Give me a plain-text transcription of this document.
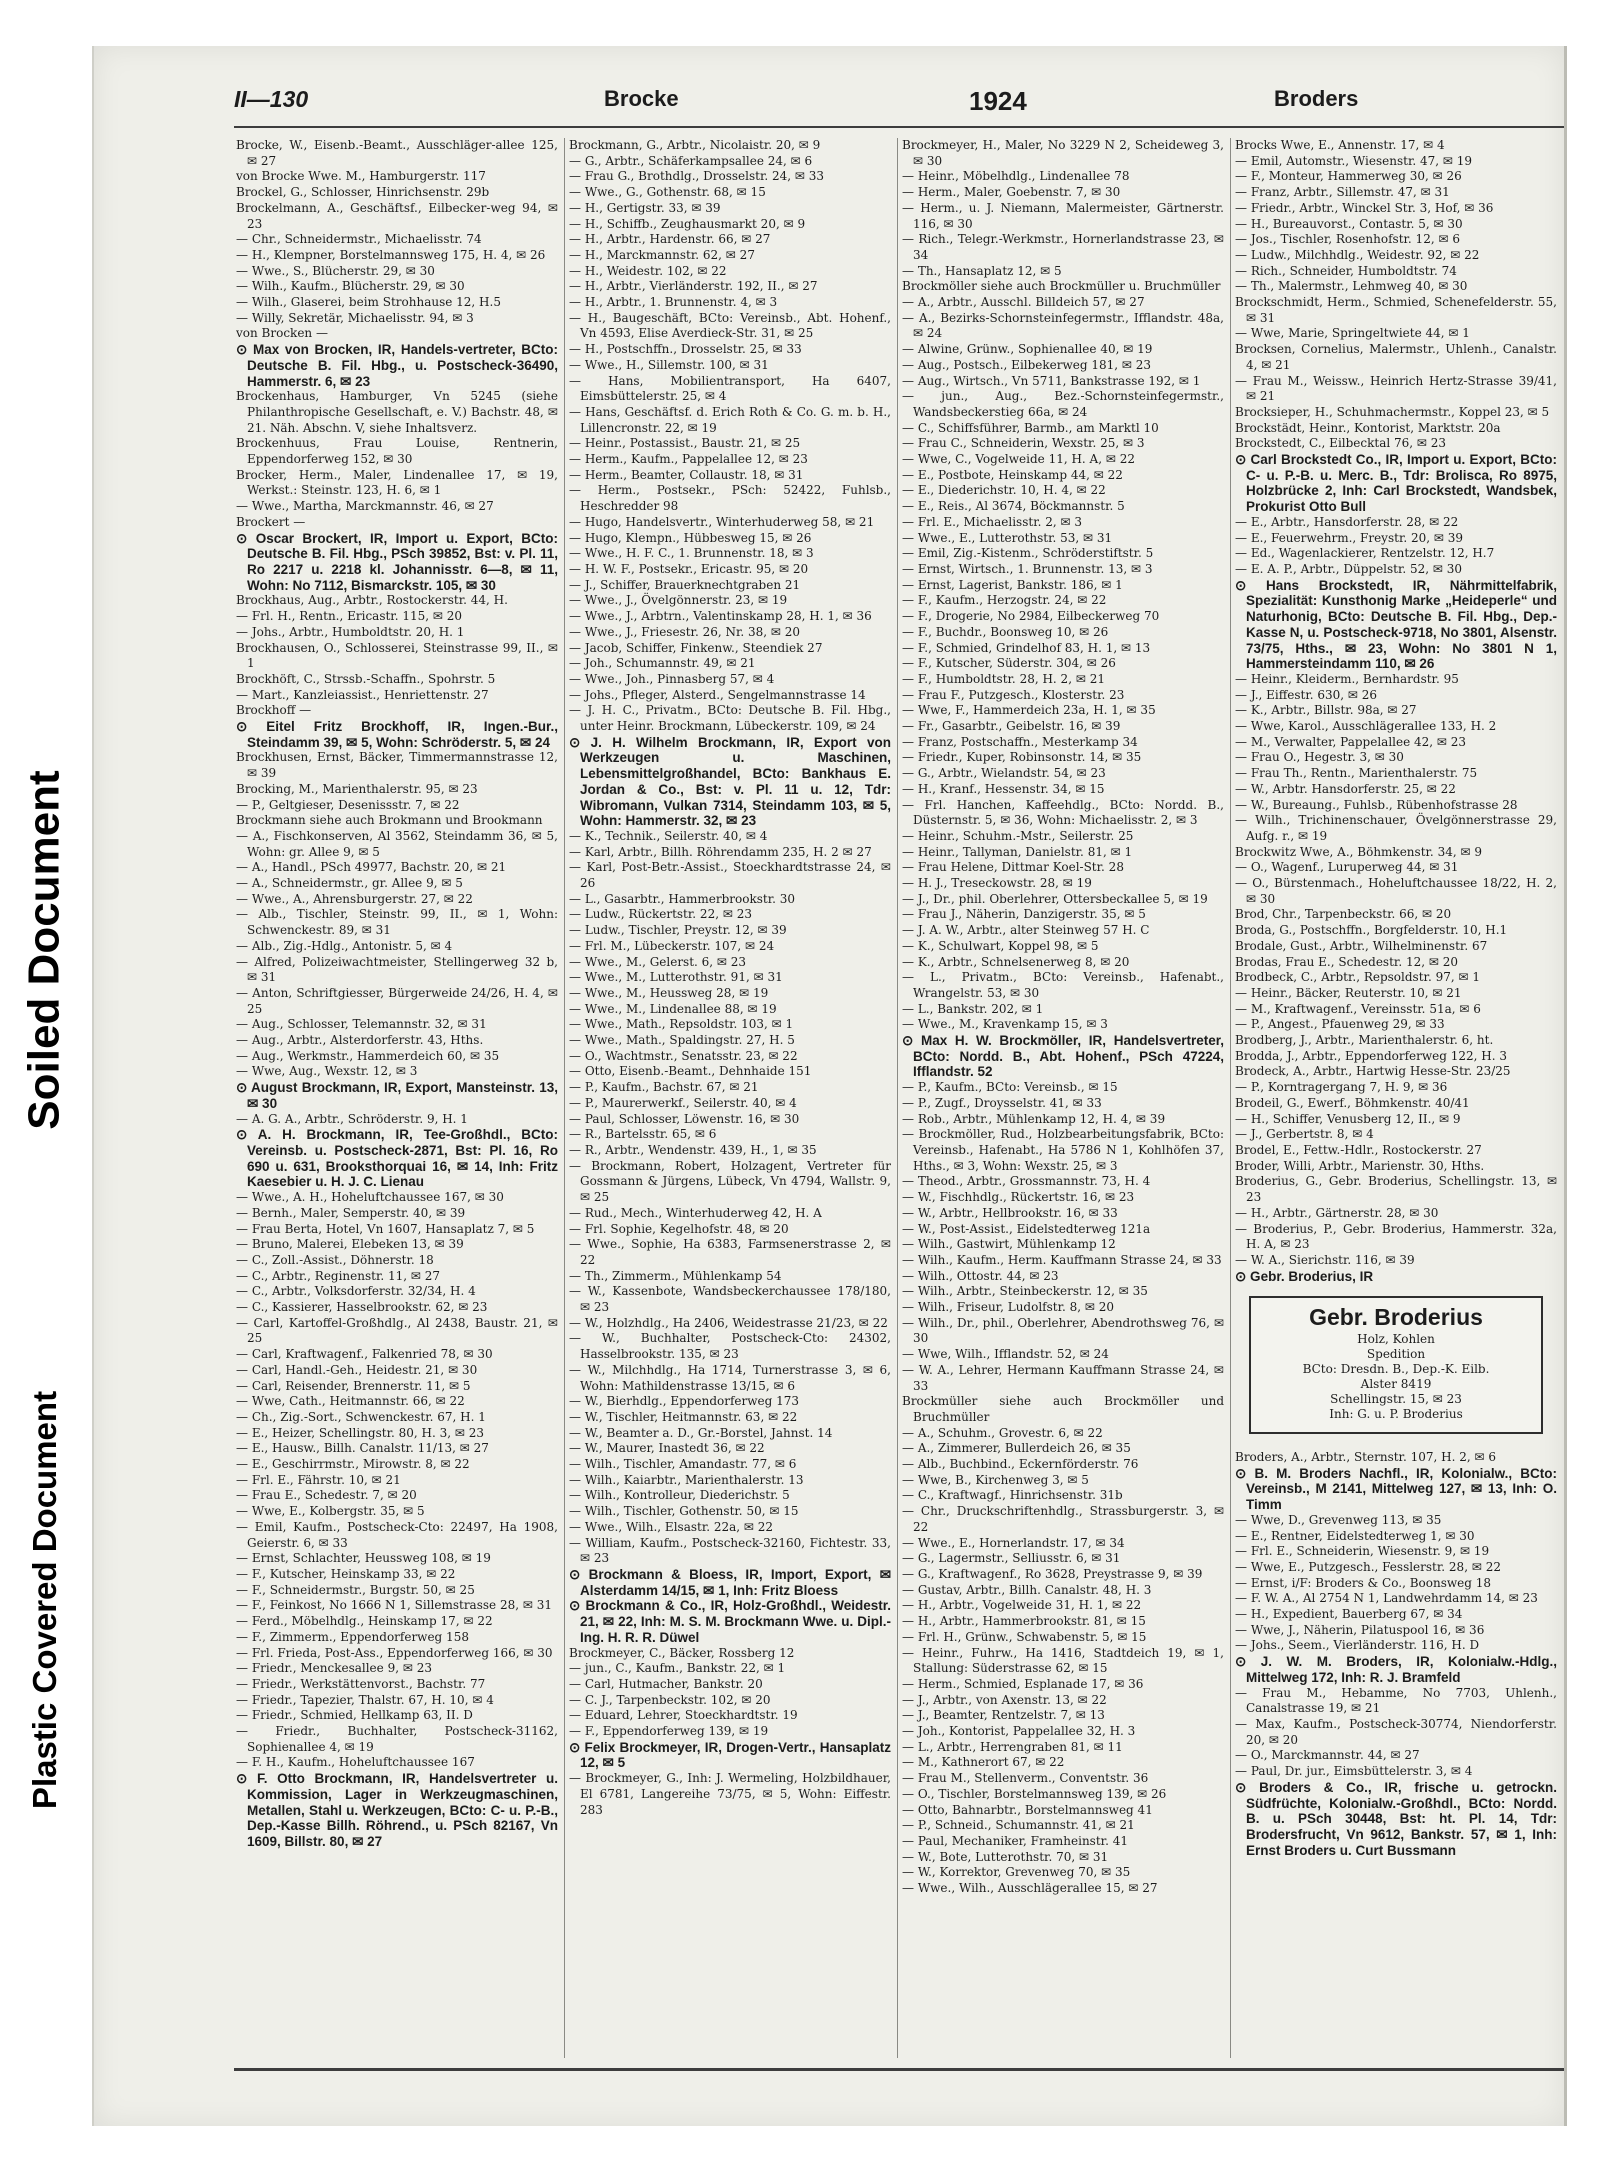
Soiled Document
Plastic Covered Document
II—130	Brocke	1924	Broders

Brocke, W., Eisenb.-Beamt., Ausschläger-allee 125, ✉ 27

von Brocke Wwe. M., Hamburgerstr. 117

Brockel, G., Schlosser, Hinrichsenstr. 29b

Brockelmann, A., Geschäftsf., Eilbecker-weg 94, ✉ 23

— Chr., Schneidermstr., Michaelisstr. 74

— H., Klempner, Borstelmannsweg 175, H. 4, ✉ 26

— Wwe., S., Blücherstr. 29, ✉ 30

— Wilh., Kaufm., Blücherstr. 29, ✉ 30

— Wilh., Glaserei, beim Strohhause 12, H.5

— Willy, Sekretär, Michaelisstr. 94, ✉ 3

von Brocken —

⊙ Max von Brocken, IR, Handels-vertreter, BCto: Deutsche B. Fil. Hbg., u. Postscheck-36490, Hammerstr. 6, ✉ 23

Brockenhaus, Hamburger, Vn 5245 (siehe Philanthropische Gesellschaft, e. V.) Bachstr. 48, ✉ 21. Näh. Abschn. V, siehe Inhaltsverz.

Brockenhuus, Frau Louise, Rentnerin, Eppendorferweg 152, ✉ 30

Brocker, Herm., Maler, Lindenallee 17, ✉ 19, Werkst.: Steinstr. 123, H. 6, ✉ 1

— Wwe., Martha, Marckmannstr. 46, ✉ 27

Brockert —

⊙ Oscar Brockert, IR, Import u. Export, BCto: Deutsche B. Fil. Hbg., PSch 39852, Bst: v. Pl. 11, Ro 2217 u. 2218 kl. Johannisstr. 6—8, ✉ 11, Wohn: No 7112, Bismarckstr. 105, ✉ 30

Brockhaus, Aug., Arbtr., Rostockerstr. 44, H.

— Frl. H., Rentn., Ericastr. 115, ✉ 20

— Johs., Arbtr., Humboldtstr. 20, H. 1

Brockhausen, O., Schlosserei, Steinstrasse 99, II., ✉ 1

Brockhöft, C., Strssb.-Schaffn., Spohrstr. 5

— Mart., Kanzleiassist., Henriettenstr. 27

Brockhoff —

⊙ Eitel Fritz Brockhoff, IR, Ingen.-Bur., Steindamm 39, ✉ 5, Wohn: Schröderstr. 5, ✉ 24

Brockhusen, Ernst, Bäcker, Timmermannstrasse 12, ✉ 39

Brocking, M., Marienthalerstr. 95, ✉ 23

— P., Geltgieser, Desenissstr. 7, ✉ 22

Brockmann siehe auch Brokmann und Brookmann

— A., Fischkonserven, Al 3562, Steindamm 36, ✉ 5, Wohn: gr. Allee 9, ✉ 5

— A., Handl., PSch 49977, Bachstr. 20, ✉ 21

— A., Schneidermstr., gr. Allee 9, ✉ 5

— Wwe., A., Ahrensburgerstr. 27, ✉ 22

— Alb., Tischler, Steinstr. 99, II., ✉ 1, Wohn: Schwenckestr. 89, ✉ 31

— Alb., Zig.-Hdlg., Antonistr. 5, ✉ 4

— Alfred, Polizeiwachtmeister, Stellingerweg 32 b, ✉ 31

— Anton, Schriftgiesser, Bürgerweide 24/26, H. 4, ✉ 25

— Aug., Schlosser, Telemannstr. 32, ✉ 31

— Aug., Arbtr., Alsterdorferstr. 43, Hths.

— Aug., Werkmstr., Hammerdeich 60, ✉ 35

— Wwe, Aug., Wexstr. 12, ✉ 3

⊙ August Brockmann, IR, Export, Mansteinstr. 13, ✉ 30

— A. G. A., Arbtr., Schröderstr. 9, H. 1

⊙ A. H. Brockmann, IR, Tee-Großhdl., BCto: Vereinsb. u. Postscheck-2871, Bst: Pl. 16, Ro 690 u. 631, Brooksthorquai 16, ✉ 14, Inh: Fritz Kaesebier u. H. J. C. Lienau

— Wwe., A. H., Hoheluftchaussee 167, ✉ 30

— Bernh., Maler, Semperstr. 40, ✉ 39

— Frau Berta, Hotel, Vn 1607, Hansaplatz 7, ✉ 5

— Bruno, Malerei, Elebeken 13, ✉ 39

— C., Zoll.-Assist., Döhnerstr. 18

— C., Arbtr., Reginenstr. 11, ✉ 27

— C., Arbtr., Volksdorferstr. 32/34, H. 4

— C., Kassierer, Hasselbrookstr. 62, ✉ 23

— Carl, Kartoffel-Großhdlg., Al 2438, Baustr. 21, ✉ 25

— Carl, Kraftwagenf., Falkenried 78, ✉ 30

— Carl, Handl.-Geh., Heidestr. 21, ✉ 30

— Carl, Reisender, Brennerstr. 11, ✉ 5

— Wwe, Cath., Heitmannstr. 66, ✉ 22

— Ch., Zig.-Sort., Schwenckestr. 67, H. 1

— E., Heizer, Schellingstr. 80, H. 3, ✉ 23

— E., Hausw., Billh. Canalstr. 11/13, ✉ 27

— E., Geschirrmstr., Mirowstr. 8, ✉ 22

— Frl. E., Fährstr. 10, ✉ 21

— Frau E., Schedestr. 7, ✉ 20

— Wwe, E., Kolbergstr. 35, ✉ 5

— Emil, Kaufm., Postscheck-Cto: 22497, Ha 1908, Geierstr. 6, ✉ 33

— Ernst, Schlachter, Heussweg 108, ✉ 19

— F., Kutscher, Heinskamp 33, ✉ 22

— F., Schneidermstr., Burgstr. 50, ✉ 25

— F., Feinkost, No 1666 N 1, Sillemstrasse 28, ✉ 31

— Ferd., Möbelhdlg., Heinskamp 17, ✉ 22

— F., Zimmerm., Eppendorferweg 158

— Frl. Frieda, Post-Ass., Eppendorferweg 166, ✉ 30

— Friedr., Menckesallee 9, ✉ 23

— Friedr., Werkstättenvorst., Bachstr. 77

— Friedr., Tapezier, Thalstr. 67, H. 10, ✉ 4

— Friedr., Schmied, Hellkamp 63, II. D

— Friedr., Buchhalter, Postscheck-31162, Sophienallee 4, ✉ 19

— F. H., Kaufm., Hoheluftchaussee 167

⊙ F. Otto Brockmann, IR, Handelsvertreter u. Kommission, Lager in Werkzeugmaschinen, Metallen, Stahl u. Werkzeugen, BCto: C- u. P.-B., Dep.-Kasse Billh. Röhrend., u. PSch 82167, Vn 1609, Billstr. 80, ✉ 27

Brockmann, G., Arbtr., Nicolaistr. 20, ✉ 9

— G., Arbtr., Schäferkampsallee 24, ✉ 6

— Frau G., Brothdlg., Drosselstr. 24, ✉ 33

— Wwe., G., Gothenstr. 68, ✉ 15

— H., Gertigstr. 33, ✉ 39

— H., Schiffb., Zeughausmarkt 20, ✉ 9

— H., Arbtr., Hardenstr. 66, ✉ 27

— H., Marckmannstr. 62, ✉ 27

— H., Weidestr. 102, ✉ 22

— H., Arbtr., Vierländerstr. 192, II., ✉ 27

— H., Arbtr., 1. Brunnenstr. 4, ✉ 3

— H., Baugeschäft, BCto: Vereinsb., Abt. Hohenf., Vn 4593, Elise Averdieck-Str. 31, ✉ 25

— H., Postschffn., Drosselstr. 25, ✉ 33

— Wwe., H., Sillemstr. 100, ✉ 31

— Hans, Mobilientransport, Ha 6407, Eimsbüttelerstr. 25, ✉ 4

— Hans, Geschäftsf. d. Erich Roth & Co. G. m. b. H., Lillencronstr. 22, ✉ 19

— Heinr., Postassist., Baustr. 21, ✉ 25

— Herm., Kaufm., Pappelallee 12, ✉ 23

— Herm., Beamter, Collaustr. 18, ✉ 31

— Herm., Postsekr., PSch: 52422, Fuhlsb., Heschredder 98

— Hugo, Handelsvertr., Winterhuderweg 58, ✉ 21

— Hugo, Klempn., Hübbesweg 15, ✉ 26

— Wwe., H. F. C., 1. Brunnenstr. 18, ✉ 3

— H. W. F., Postsekr., Ericastr. 95, ✉ 20

— J., Schiffer, Brauerknechtgraben 21

— Wwe., J., Övelgönnerstr. 23, ✉ 19

— Wwe., J., Arbtrn., Valentinskamp 28, H. 1, ✉ 36

— Wwe., J., Friesestr. 26, Nr. 38, ✉ 20

— Jacob, Schiffer, Finkenw., Steendiek 27

— Joh., Schumannstr. 49, ✉ 21

— Wwe., Joh., Pinnasberg 57, ✉ 4

— Johs., Pfleger, Alsterd., Sengelmannstrasse 14

— J. H. C., Privatm., BCto: Deutsche B. Fil. Hbg., unter Heinr. Brockmann, Lübeckerstr. 109, ✉ 24

⊙ J. H. Wilhelm Brockmann, IR, Export von Werkzeugen u. Maschinen, Lebensmittelgroßhandel, BCto: Bankhaus E. Jordan & Co., Bst: v. Pl. 11 u. 12, Tdr: Wibromann, Vulkan 7314, Steindamm 103, ✉ 5, Wohn: Hammerstr. 32, ✉ 23

— K., Technik., Seilerstr. 40, ✉ 4

— Karl, Arbtr., Billh. Röhrendamm 235, H. 2 ✉ 27

— Karl, Post-Betr.-Assist., Stoeckhardtstrasse 24, ✉ 26

— L., Gasarbtr., Hammerbrookstr. 30

— Ludw., Rückertstr. 22, ✉ 23

— Ludw., Tischler, Preystr. 12, ✉ 39

— Frl. M., Lübeckerstr. 107, ✉ 24

— Wwe., M., Gelerst. 6, ✉ 23

— Wwe., M., Lutterothstr. 91, ✉ 31

— Wwe., M., Heussweg 28, ✉ 19

— Wwe., M., Lindenallee 88, ✉ 19

— Wwe., Math., Repsoldstr. 103, ✉ 1

— Wwe., Math., Spaldingstr. 27, H. 5

— O., Wachtmstr., Senatsstr. 23, ✉ 22

— Otto, Eisenb.-Beamt., Dehnhaide 151

— P., Kaufm., Bachstr. 67, ✉ 21

— P., Maurerwerkf., Seilerstr. 40, ✉ 4

— Paul, Schlosser, Löwenstr. 16, ✉ 30

— R., Bartelsstr. 65, ✉ 6

— R., Arbtr., Wendenstr. 439, H., 1, ✉ 35

— Brockmann, Robert, Holzagent, Vertreter für Gossmann & Jürgens, Lübeck, Vn 4794, Wallstr. 9, ✉ 25

— Rud., Mech., Winterhuderweg 42, H. A

— Frl. Sophie, Kegelhofstr. 48, ✉ 20

— Wwe., Sophie, Ha 6383, Farmsenerstrasse 2, ✉ 22

— Th., Zimmerm., Mühlenkamp 54

— W., Kassenbote, Wandsbeckerchaussee 178/180, ✉ 23

— W., Holzhdlg., Ha 2406, Weidestrasse 21/23, ✉ 22

— W., Buchhalter, Postscheck-Cto: 24302, Hasselbrookstr. 135, ✉ 23

— W., Milchhdlg., Ha 1714, Turnerstrasse 3, ✉ 6, Wohn: Mathildenstrasse 13/15, ✉ 6

— W., Bierhdlg., Eppendorferweg 173

— W., Tischler, Heitmannstr. 63, ✉ 22

— W., Beamter a. D., Gr.-Borstel, Jahnst. 14

— W., Maurer, Inastedt 36, ✉ 22

— Wilh., Tischler, Amandastr. 77, ✉ 6

— Wilh., Kaiarbtr., Marienthalerstr. 13

— Wilh., Kontrolleur, Diederichstr. 5

— Wilh., Tischler, Gothenstr. 50, ✉ 15

— Wwe., Wilh., Elsastr. 22a, ✉ 22

— William, Kaufm., Postscheck-32160, Fichtestr. 33, ✉ 23

⊙ Brockmann & Bloess, IR, Import, Export, ✉ Alsterdamm 14/15, ✉ 1, Inh: Fritz Bloess

⊙ Brockmann & Co., IR, Holz-Großhdl., Weidestr. 21, ✉ 22, Inh: M. S. M. Brockmann Wwe. u. Dipl.-Ing. H. R. R. Düwel

Brockmeyer, C., Bäcker, Rossberg 12

— jun., C., Kaufm., Bankstr. 22, ✉ 1

— Carl, Hutmacher, Bankstr. 20

— C. J., Tarpenbeckstr. 102, ✉ 20

— Eduard, Lehrer, Stoeckhardtstr. 19

— F., Eppendorferweg 139, ✉ 19

⊙ Felix Brockmeyer, IR, Drogen-Vertr., Hansaplatz 12, ✉ 5

— Brockmeyer, G., Inh: J. Wermeling, Holzbildhauer, El 6781, Langereihe 73/75, ✉ 5, Wohn: Eiffestr. 283

Brockmeyer, H., Maler, No 3229 N 2, Scheideweg 3, ✉ 30

— Heinr., Möbelhdlg., Lindenallee 78

— Herm., Maler, Goebenstr. 7, ✉ 30

— Herm., u. J. Niemann, Malermeister, Gärtnerstr. 116, ✉ 30

— Rich., Telegr.-Werkmstr., Hornerlandstrasse 23, ✉ 34

— Th., Hansaplatz 12, ✉ 5

Brockmöller siehe auch Brockmüller u. Bruchmüller

— A., Arbtr., Ausschl. Billdeich 57, ✉ 27

— A., Bezirks-Schornsteinfegermstr., Ifflandstr. 48a, ✉ 24

— Alwine, Grünw., Sophienallee 40, ✉ 19

— Aug., Postsch., Eilbekerweg 181, ✉ 23

— Aug., Wirtsch., Vn 5711, Bankstrasse 192, ✉ 1

— jun., Aug., Bez.-Schornsteinfegermstr., Wandsbeckerstieg 66a, ✉ 24

— C., Schiffsführer, Barmb., am Marktl 10

— Frau C., Schneiderin, Wexstr. 25, ✉ 3

— Wwe, C., Vogelweide 11, H. A, ✉ 22

— E., Postbote, Heinskamp 44, ✉ 22

— E., Diederichstr. 10, H. 4, ✉ 22

— E., Reis., Al 3674, Böckmannstr. 5

— Frl. E., Michaelisstr. 2, ✉ 3

— Wwe., E., Lutterothstr. 53, ✉ 31

— Emil, Zig.-Kistenm., Schröderstiftstr. 5

— Ernst, Wirtsch., 1. Brunnenstr. 13, ✉ 3

— Ernst, Lagerist, Bankstr. 186, ✉ 1

— F., Kaufm., Herzogstr. 24, ✉ 22

— F., Drogerie, No 2984, Eilbeckerweg 70

— F., Buchdr., Boonsweg 10, ✉ 26

— F., Schmied, Grindelhof 83, H. 1, ✉ 13

— F., Kutscher, Süderstr. 304, ✉ 26

— F., Humboldtstr. 28, H. 2, ✉ 21

— Frau F., Putzgesch., Klosterstr. 23

— Wwe, F., Hammerdeich 23a, H. 1, ✉ 35

— Fr., Gasarbtr., Geibelstr. 16, ✉ 39

— Franz, Postschaffn., Mesterkamp 34

— Friedr., Kuper, Robinsonstr. 14, ✉ 35

— G., Arbtr., Wielandstr. 54, ✉ 23

— H., Kranf., Hessenstr. 34, ✉ 15

— Frl. Hanchen, Kaffeehdlg., BCto: Nordd. B., Düsternstr. 5, ✉ 36, Wohn: Michaelisstr. 2, ✉ 3

— Heinr., Schuhm.-Mstr., Seilerstr. 25

— Heinr., Tallyman, Danielstr. 81, ✉ 1

— Frau Helene, Dittmar Koel-Str. 28

— H. J., Treseckowstr. 28, ✉ 19

— J., Dr., phil. Oberlehrer, Ottersbeckallee 5, ✉ 19

— Frau J., Näherin, Danzigerstr. 35, ✉ 5

— J. A. W., Arbtr., alter Steinweg 57 H. C

— K., Schulwart, Koppel 98, ✉ 5

— K., Arbtr., Schnelsenerweg 8, ✉ 20

— L., Privatm., BCto: Vereinsb., Hafenabt., Wrangelstr. 53, ✉ 30

— L., Bankstr. 202, ✉ 1

— Wwe., M., Kravenkamp 15, ✉ 3

⊙ Max H. W. Brockmöller, IR, Handelsvertreter, BCto: Nordd. B., Abt. Hohenf., PSch 47224, Ifflandstr. 52

— P., Kaufm., BCto: Vereinsb., ✉ 15

— P., Zugf., Droysselstr. 41, ✉ 33

— Rob., Arbtr., Mühlenkamp 12, H. 4, ✉ 39

— Brockmöller, Rud., Holzbearbeitungsfabrik, BCto: Vereinsb., Hafenabt., Ha 5786 N 1, Kohlhöfen 37, Hths., ✉ 3, Wohn: Wexstr. 25, ✉ 3

— Theod., Arbtr., Grossmannstr. 73, H. 4

— W., Fischhdlg., Rückertstr. 16, ✉ 23

— W., Arbtr., Hellbrookstr. 16, ✉ 33

— W., Post-Assist., Eidelstedterweg 121a

— Wilh., Gastwirt, Mühlenkamp 12

— Wilh., Kaufm., Herm. Kauffmann Strasse 24, ✉ 33

— Wilh., Ottostr. 44, ✉ 23

— Wilh., Arbtr., Steinbeckerstr. 12, ✉ 35

— Wilh., Friseur, Ludolfstr. 8, ✉ 20

— Wilh., Dr., phil., Oberlehrer, Abendrothsweg 76, ✉ 30

— Wwe, Wilh., Ifflandstr. 52, ✉ 24

— W. A., Lehrer, Hermann Kauffmann Strasse 24, ✉ 33

Brockmüller siehe auch Brockmöller und Bruchmüller

— A., Schuhm., Grovestr. 6, ✉ 22

— A., Zimmerer, Bullerdeich 26, ✉ 35

— Alb., Buchbind., Eckernförderstr. 76

— Wwe, B., Kirchenweg 3, ✉ 5

— C., Kraftwagf., Hinrichsenstr. 31b

— Chr., Druckschriftenhdlg., Strassburgerstr. 3, ✉ 22

— Wwe., E., Hornerlandstr. 17, ✉ 34

— G., Lagermstr., Selliusstr. 6, ✉ 31

— G., Kraftwagenf., Ro 3628, Preystrasse 9, ✉ 39

— Gustav, Arbtr., Billh. Canalstr. 48, H. 3

— H., Arbtr., Vogelweide 31, H. 1, ✉ 22

— H., Arbtr., Hammerbrookstr. 81, ✉ 15

— Frl. H., Grünw., Schwabenstr. 5, ✉ 15

— Heinr., Fuhrw., Ha 1416, Stadtdeich 19, ✉ 1, Stallung: Süderstrasse 62, ✉ 15

— Herm., Schmied, Esplanade 17, ✉ 36

— J., Arbtr., von Axenstr. 13, ✉ 22

— J., Beamter, Rentzelstr. 7, ✉ 13

— Joh., Kontorist, Pappelallee 32, H. 3

— L., Arbtr., Herrengraben 81, ✉ 11

— M., Kathnerort 67, ✉ 22

— Frau M., Stellenverm., Conventstr. 36

— O., Tischler, Borstelmannsweg 139, ✉ 26

— Otto, Bahnarbtr., Borstelmannsweg 41

— P., Schneid., Schumannstr. 41, ✉ 21

— Paul, Mechaniker, Framheinstr. 41

— W., Bote, Lutterothstr. 70, ✉ 31

— W., Korrektor, Grevenweg 70, ✉ 35

— Wwe., Wilh., Ausschlägerallee 15, ✉ 27

Brocks Wwe, E., Annenstr. 17, ✉ 4

— Emil, Automstr., Wiesenstr. 47, ✉ 19

— F., Monteur, Hammerweg 30, ✉ 26

— Franz, Arbtr., Sillemstr. 47, ✉ 31

— Friedr., Arbtr., Winckel Str. 3, Hof, ✉ 36

— H., Bureauvorst., Contastr. 5, ✉ 30

— Jos., Tischler, Rosenhofstr. 12, ✉ 6

— Ludw., Milchhdlg., Weidestr. 92, ✉ 22

— Rich., Schneider, Humboldtstr. 74

— Th., Malermstr., Lehmweg 40, ✉ 30

Brockschmidt, Herm., Schmied, Schenefelderstr. 55, ✉ 31

— Wwe, Marie, Springeltwiete 44, ✉ 1

Brocksen, Cornelius, Malermstr., Uhlenh., Canalstr. 4, ✉ 21

— Frau M., Weissw., Heinrich Hertz-Strasse 39/41, ✉ 21

Brocksieper, H., Schuhmachermstr., Koppel 23, ✉ 5

Brockstädt, Heinr., Kontorist, Marktstr. 20a

Brockstedt, C., Eilbecktal 76, ✉ 23

⊙ Carl Brockstedt Co., IR, Import u. Export, BCto: C- u. P.-B. u. Merc. B., Tdr: Brolisca, Ro 8975, Holzbrücke 2, Inh: Carl Brockstedt, Wandsbek, Prokurist Otto Bull

— E., Arbtr., Hansdorferstr. 28, ✉ 22

— E., Feuerwehrm., Freystr. 20, ✉ 39

— Ed., Wagenlackierer, Rentzelstr. 12, H.7

— E. A. P., Arbtr., Düppelstr. 52, ✉ 30

⊙ Hans Brockstedt, IR, Nährmittelfabrik, Spezialität: Kunsthonig Marke „Heideperle“ und Naturhonig, BCto: Deutsche B. Fil. Hbg., Dep.-Kasse N, u. Postscheck-9718, No 3801, Alsenstr. 73/75, Hths., ✉ 23, Wohn: No 3801 N 1, Hammersteindamm 110, ✉ 26

— Heinr., Kleiderm., Bernhardstr. 95

— J., Eiffestr. 630, ✉ 26

— K., Arbtr., Billstr. 98a, ✉ 27

— Wwe, Karol., Ausschlägerallee 133, H. 2

— M., Verwalter, Pappelallee 42, ✉ 23

— Frau O., Hegestr. 3, ✉ 30

— Frau Th., Rentn., Marienthalerstr. 75

— W., Arbtr. Hansdorferstr. 25, ✉ 22

— W., Bureaung., Fuhlsb., Rübenhofstrasse 28

— Wilh., Trichinenschauer, Övelgönnerstrasse 29, Aufg. r., ✉ 19

Brockwitz Wwe, A., Böhmkenstr. 34, ✉ 9

— O., Wagenf., Luruperweg 44, ✉ 31

— O., Bürstenmach., Hoheluftchaussee 18/22, H. 2, ✉ 30

Brod, Chr., Tarpenbeckstr. 66, ✉ 20

Broda, G., Postschffn., Borgfelderstr. 10, H.1

Brodale, Gust., Arbtr., Wilhelminenstr. 67

Brodas, Frau E., Schedestr. 12, ✉ 20

Brodbeck, C., Arbtr., Repsoldstr. 97, ✉ 1

— Heinr., Bäcker, Reuterstr. 10, ✉ 21

— M., Kraftwagenf., Vereinsstr. 51a, ✉ 6

— P., Angest., Pfauenweg 29, ✉ 33

Brodberg, J., Arbtr., Marienthalerstr. 6, ht.

Brodda, J., Arbtr., Eppendorferweg 122, H. 3

Brodeck, A., Arbtr., Hartwig Hesse-Str. 23/25

— P., Korntragergang 7, H. 9, ✉ 36

Brodeil, G., Ewerf., Böhmkenstr. 40/41

— H., Schiffer, Venusberg 12, II., ✉ 9

— J., Gerbertstr. 8, ✉ 4

Brodel, E., Fettw.-Hdlr., Rostockerstr. 27

Broder, Willi, Arbtr., Marienstr. 30, Hths.

Broderius, G., Gebr. Broderius, Schellingstr. 13, ✉ 23

— H., Arbtr., Gärtnerstr. 28, ✉ 30

— Broderius, P., Gebr. Broderius, Hammerstr. 32a, H. A, ✉ 23

— W. A., Sierichstr. 116, ✉ 39

⊙ Gebr. Broderius, IR

Gebr. Broderius
Holz, Kohlen
Spedition
BCto: Dresdn. B., Dep.-K. Eilb.
Alster 8419
Schellingstr. 15, ✉ 23
Inh: G. u. P. Broderius

Broders, A., Arbtr., Sternstr. 107, H. 2, ✉ 6

⊙ B. M. Broders Nachfl., IR, Kolonialw., BCto: Vereinsb., M 2141, Mittelweg 127, ✉ 13, Inh: O. Timm

— Wwe, D., Grevenweg 113, ✉ 35

— E., Rentner, Eidelstedterweg 1, ✉ 30

— Frl. E., Schneiderin, Wiesenstr. 9, ✉ 19

— Wwe, E., Putzgesch., Fesslerstr. 28, ✉ 22

— Ernst, i/F: Broders & Co., Boonsweg 18

— F. W. A., Al 2754 N 1, Landwehrdamm 14, ✉ 23

— H., Expedient, Bauerberg 67, ✉ 34

— Wwe, J., Näherin, Pilatuspool 16, ✉ 36

— Johs., Seem., Vierländerstr. 116, H. D

⊙ J. W. M. Broders, IR, Kolonialw.-Hdlg., Mittelweg 172, Inh: R. J. Bramfeld

— Frau M., Hebamme, No 7703, Uhlenh., Canalstrasse 19, ✉ 21

— Max, Kaufm., Postscheck-30774, Niendorferstr. 20, ✉ 20

— O., Marckmannstr. 44, ✉ 27

— Paul, Dr. jur., Eimsbüttelerstr. 3, ✉ 4

⊙ Broders & Co., IR, frische u. getrockn. Südfrüchte, Kolonialw.-Großhdl., BCto: Nordd. B. u. PSch 30448, Bst: ht. Pl. 14, Tdr: Brodersfrucht, Vn 9612, Bankstr. 57, ✉ 1, Inh: Ernst Broders u. Curt Bussmann
